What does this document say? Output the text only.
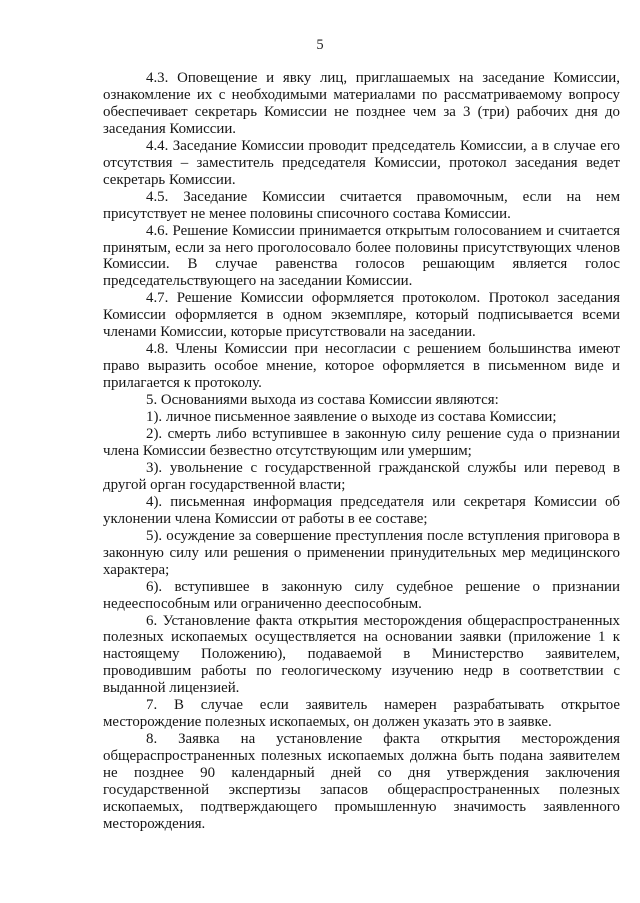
5

4.3. Оповещение и явку лиц, приглашаемых на заседание Комиссии, ознакомление их с необходимыми материалами по рассматриваемому вопросу обеспечивает секретарь Комиссии не позднее чем за 3 (три) рабочих дня до заседания Комиссии.

4.4. Заседание Комиссии проводит председатель Комиссии, а в случае его отсутствия – заместитель председателя Комиссии, протокол заседания ведет секретарь Комиссии.

4.5. Заседание Комиссии считается правомочным, если на нем присутствует не менее половины списочного состава Комиссии.

4.6. Решение Комиссии принимается открытым голосованием и считается принятым, если за него проголосовало более половины присутствующих членов Комиссии. В случае равенства голосов решающим является голос председательствующего на заседании Комиссии.

4.7. Решение Комиссии оформляется протоколом. Протокол заседания Комиссии оформляется в одном экземпляре, который подписывается всеми членами Комиссии, которые присутствовали на заседании.

4.8. Члены Комиссии при несогласии с решением большинства имеют право выразить особое мнение, которое оформляется в письменном виде и прилагается к протоколу.

5. Основаниями выхода из состава Комиссии являются:

1). личное письменное заявление о выходе из состава Комиссии;

2). смерть либо вступившее в законную силу решение суда о признании члена Комиссии безвестно отсутствующим или умершим;

3). увольнение с государственной гражданской службы или перевод в другой орган государственной власти;

4). письменная информация председателя или секретаря Комиссии об уклонении члена Комиссии от работы в ее составе;

5). осуждение за совершение преступления после вступления приговора в законную силу или решения о применении принудительных мер медицинского характера;

6). вступившее в законную силу судебное решение о признании недееспособным или ограниченно дееспособным.

6. Установление факта открытия месторождения общераспространенных полезных ископаемых осуществляется на основании заявки (приложение 1 к настоящему Положению), подаваемой в Министерство заявителем, проводившим работы по геологическому изучению недр в соответствии с выданной лицензией.

7. В случае если заявитель намерен разрабатывать открытое месторождение полезных ископаемых, он должен указать это в заявке.

8. Заявка на установление факта открытия месторождения общераспространенных полезных ископаемых должна быть подана заявителем не позднее 90 календарный дней со дня утверждения заключения государственной экспертизы запасов общераспространенных полезных ископаемых, подтверждающего промышленную значимость заявленного месторождения.
